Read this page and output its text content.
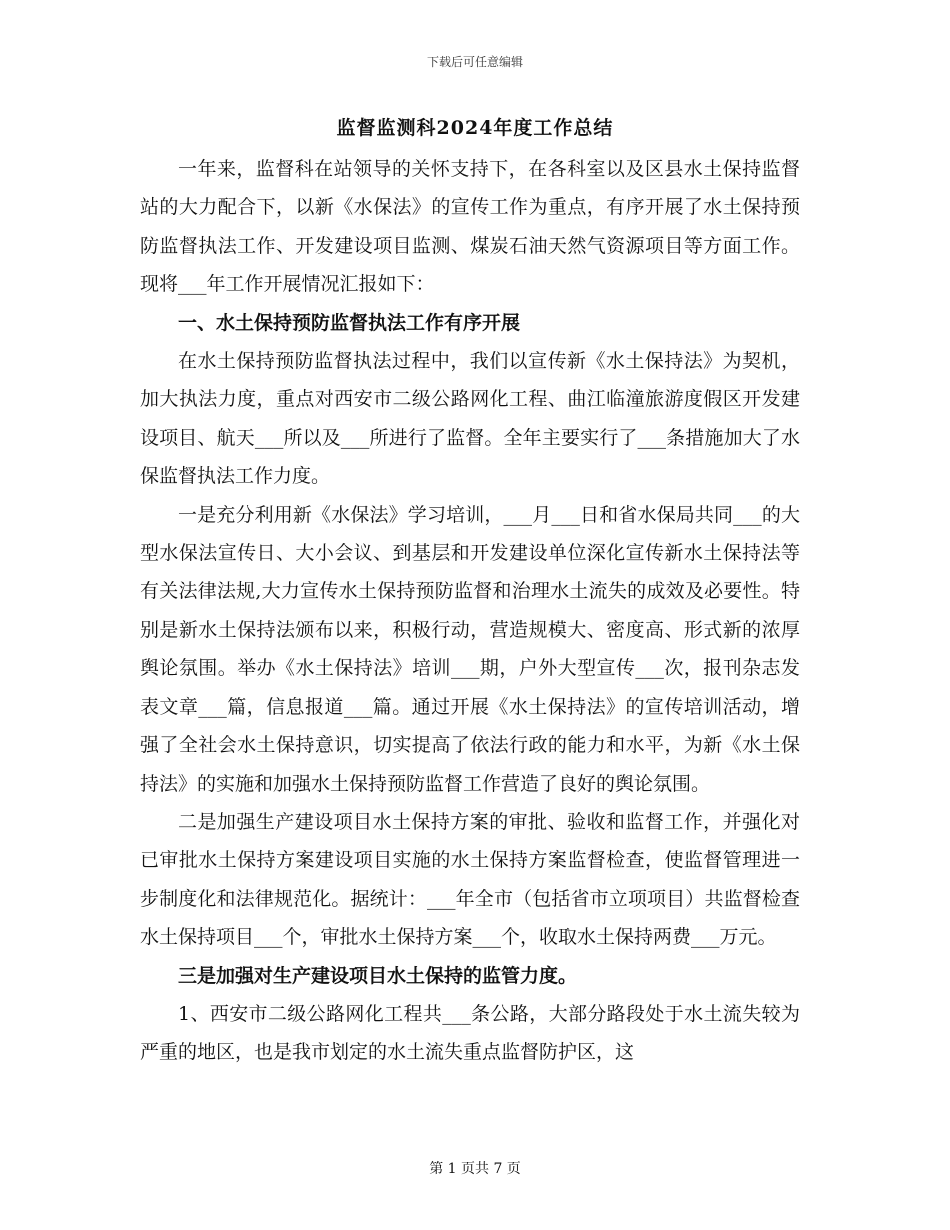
下载后可任意编辑
监督监测科2024年度工作总结

一年来，监督科在站领导的关怀支持下，在各科室以及区县水土保持监督站的大力配合下，以新《水保法》的宣传工作为重点，有序开展了水土保持预防监督执法工作、开发建设项目监测、煤炭石油天然气资源项目等方面工作。现将___年工作开展情况汇报如下：

一、水土保持预防监督执法工作有序开展

在水土保持预防监督执法过程中，我们以宣传新《水土保持法》为契机，加大执法力度，重点对西安市二级公路网化工程、曲江临潼旅游度假区开发建设项目、航天___所以及___所进行了监督。全年主要实行了___条措施加大了水保监督执法工作力度。

一是充分利用新《水保法》学习培训，___月___日和省水保局共同___的大型水保法宣传日、大小会议、到基层和开发建设单位深化宣传新水土保持法等有关法律法规,大力宣传水土保持预防监督和治理水土流失的成效及必要性。特别是新水土保持法颁布以来，积极行动，营造规模大、密度高、形式新的浓厚舆论氛围。举办《水土保持法》培训___期，户外大型宣传___次，报刊杂志发表文章___篇，信息报道___篇。通过开展《水土保持法》的宣传培训活动，增强了全社会水土保持意识，切实提高了依法行政的能力和水平，为新《水土保持法》的实施和加强水土保持预防监督工作营造了良好的舆论氛围。

二是加强生产建设项目水土保持方案的审批、验收和监督工作，并强化对已审批水土保持方案建设项目实施的水土保持方案监督检查，使监督管理进一步制度化和法律规范化。据统计：___年全市（包括省市立项项目）共监督检查水土保持项目___个，审批水土保持方案___个，收取水土保持两费___万元。

三是加强对生产建设项目水土保持的监管力度。

1、西安市二级公路网化工程共___条公路，大部分路段处于水土流失较为严重的地区，也是我市划定的水土流失重点监督防护区，这

第 1 页共 7 页
